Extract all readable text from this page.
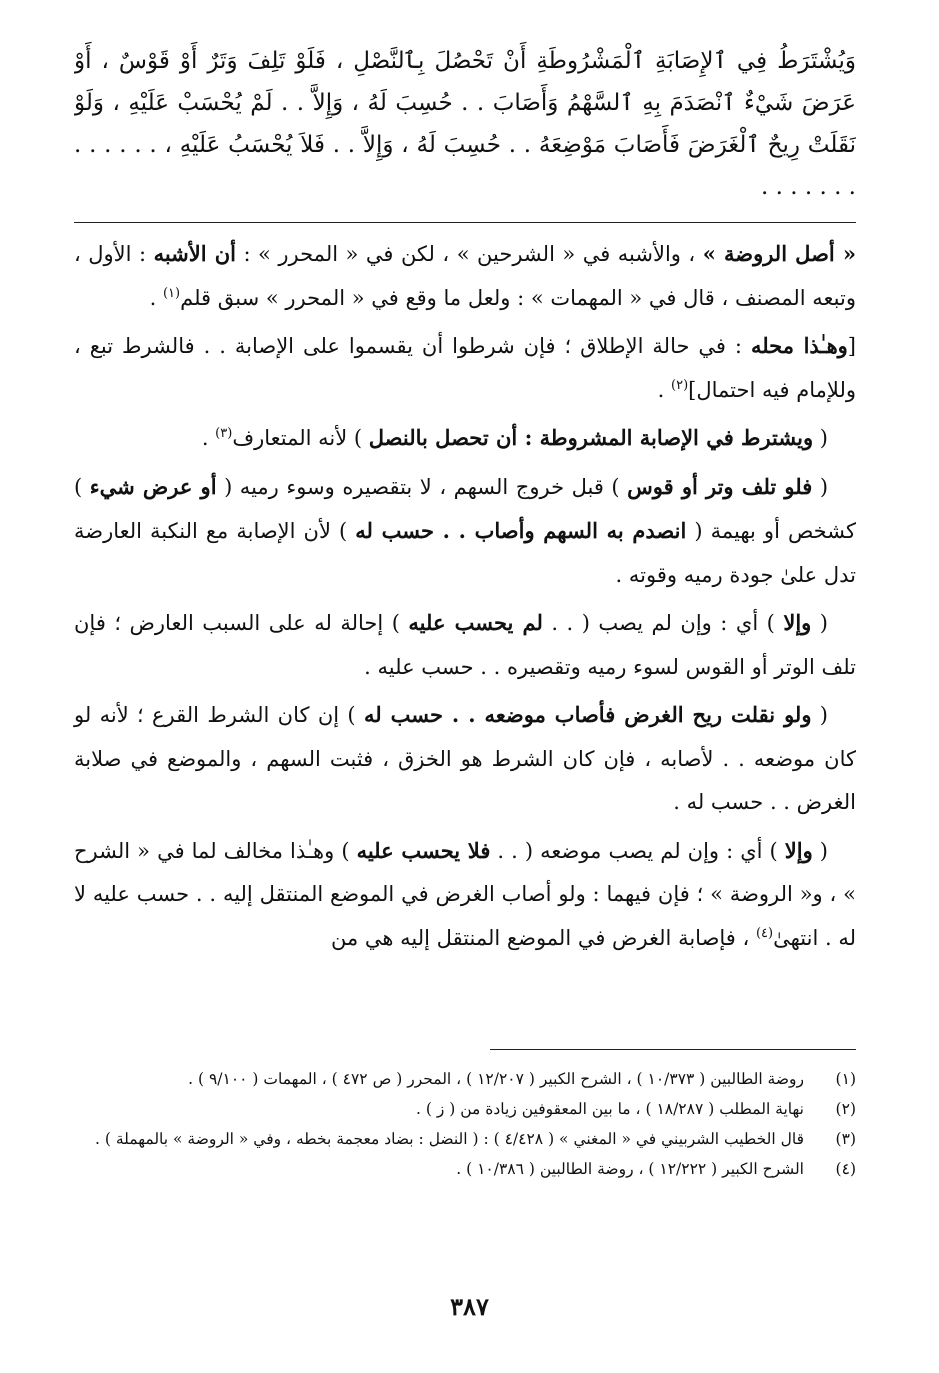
وَيُشْتَرَطُ فِي ٱلإِصَابَةِ ٱلْمَشْرُوطَةِ أَنْ تَحْصُلَ بِٱلنَّصْلِ ، فَلَوْ تَلِفَ وَتَرٌ أَوْ قَوْسٌ ، أَوْ عَرَضَ شَيْءٌ ٱنْصَدَمَ بِهِ ٱلسَّهْمُ وَأَصَابَ . . حُسِبَ لَهُ ، وَإِلاَّ . . لَمْ يُحْسَبْ عَلَيْهِ ، وَلَوْ نَقَلَتْ رِيحٌ ٱلْغَرَضَ فَأَصَابَ مَوْضِعَهُ . . حُسِبَ لَهُ ، وَإِلاَّ . . فَلاَ يُحْسَبُ عَلَيْهِ ، . . . . . . . . . . . . .

« أصل الروضة » ، والأشبه في « الشرحين » ، لكن في « المحرر » : أن الأشبه : الأول ، وتبعه المصنف ، قال في « المهمات » : ولعل ما وقع في « المحرر » سبق قلم$^{(١)}$ .

[وهـٰذا محله : في حالة الإطلاق ؛ فإن شرطوا أن يقسموا على الإصابة . . فالشرط تبع ، وللإمام فيه احتمال]$^{(٢)}$ .

( ويشترط في الإصابة المشروطة : أن تحصل بالنصل ) لأنه المتعارف$^{(٣)}$ .

( فلو تلف وتر أو قوس ) قبل خروج السهم ، لا بتقصيره وسوء رميه ( أو عرض شيء ) كشخص أو بهيمة ( انصدم به السهم وأصاب . . حسب له ) لأن الإصابة مع النكبة العارضة تدل علىٰ جودة رميه وقوته .

( وإلا ) أي : وإن لم يصب ( . . لم يحسب عليه ) إحالة له على السبب العارض ؛ فإن تلف الوتر أو القوس لسوء رميه وتقصيره . . حسب عليه .

( ولو نقلت ريح الغرض فأصاب موضعه . . حسب له ) إن كان الشرط القرع ؛ لأنه لو كان موضعه . . لأصابه ، فإن كان الشرط هو الخزق ، فثبت السهم ، والموضع في صلابة الغرض . . حسب له .

( وإلا ) أي : وإن لم يصب موضعه ( . . فلا يحسب عليه ) وهـٰذا مخالف لما في « الشرح » ، و« الروضة » ؛ فإن فيهما : ولو أصاب الغرض في الموضع المنتقل إليه . . حسب عليه لا له . انتهىٰ$^{(٤)}$ ، فإصابة الغرض في الموضع المنتقل إليه هي من

(١)
روضة الطالبين ( ١٠/٣٧٣ ) ، الشرح الكبير ( ١٢/٢٠٧ ) ، المحرر ( ص ٤٧٢ ) ، المهمات ( ٩/١٠٠ ) .
(٢)
نهاية المطلب ( ١٨/٢٨٧ ) ، ما بين المعقوفين زيادة من ( ز ) .
(٣)
قال الخطيب الشربيني في « المغني » ( ٤/٤٢٨ ) : ( النضل : بضاد معجمة بخطه ، وفي « الروضة » بالمهملة ) .
(٤)
الشرح الكبير ( ١٢/٢٢٢ ) ، روضة الطالبين ( ١٠/٣٨٦ ) .
٣٨٧
